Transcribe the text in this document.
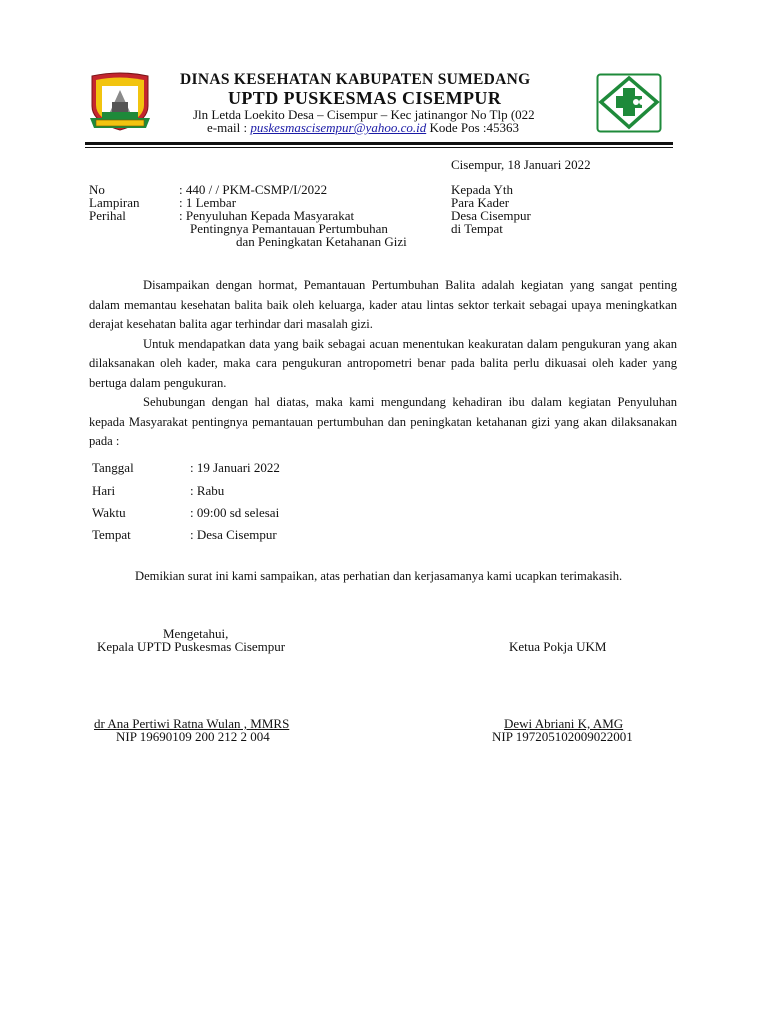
DINAS KESEHATAN KABUPATEN SUMEDANG
UPTD PUSKESMAS CISEMPUR
Jln Letda Loekito Desa – Cisempur – Kec jatinangor No Tlp (022
e-mail : puskesmascisempur@yahoo.co.id Kode Pos :45363
Cisempur, 18 Januari 2022
No	: 440 / / PKM-CSMP/I/2022
Lampiran	: 1 Lembar
Perihal	: Penyuluhan Kepada Masyarakat
Pentingnya Pemantauan Pertumbuhan
dan Peningkatan Ketahanan Gizi
Kepada Yth
Para Kader
Desa Cisempur
di Tempat

Disampaikan dengan hormat, Pemantauan Pertumbuhan Balita adalah kegiatan yang sangat penting dalam memantau kesehatan balita baik oleh keluarga, kader atau lintas sektor terkait sebagai upaya meningkatkan derajat kesehatan balita agar terhindar dari masalah gizi.

Untuk mendapatkan data yang baik sebagai acuan menentukan keakuratan dalam pengukuran yang akan dilaksanakan oleh kader, maka cara pengukuran antropometri benar pada balita perlu dikuasai oleh kader yang bertuga dalam pengukuran.

Sehubungan dengan hal diatas, maka kami mengundang kehadiran ibu dalam kegiatan Penyuluhan kepada Masyarakat pentingnya pemantauan pertumbuhan dan peningkatan ketahanan gizi yang akan dilaksanakan pada :

Tanggal	: 19 Januari 2022
Hari	: Rabu
Waktu	: 09:00 sd selesai
Tempat	: Desa Cisempur
Demikian surat ini kami sampaikan, atas perhatian dan kerjasamanya kami ucapkan terimakasih.
Mengetahui,
Kepala UPTD Puskesmas Cisempur	Ketua Pokja UKM
dr Ana Pertiwi Ratna Wulan , MMRS
NIP 19690109 200 212 2 004
Dewi Abriani K, AMG
NIP 197205102009022001
